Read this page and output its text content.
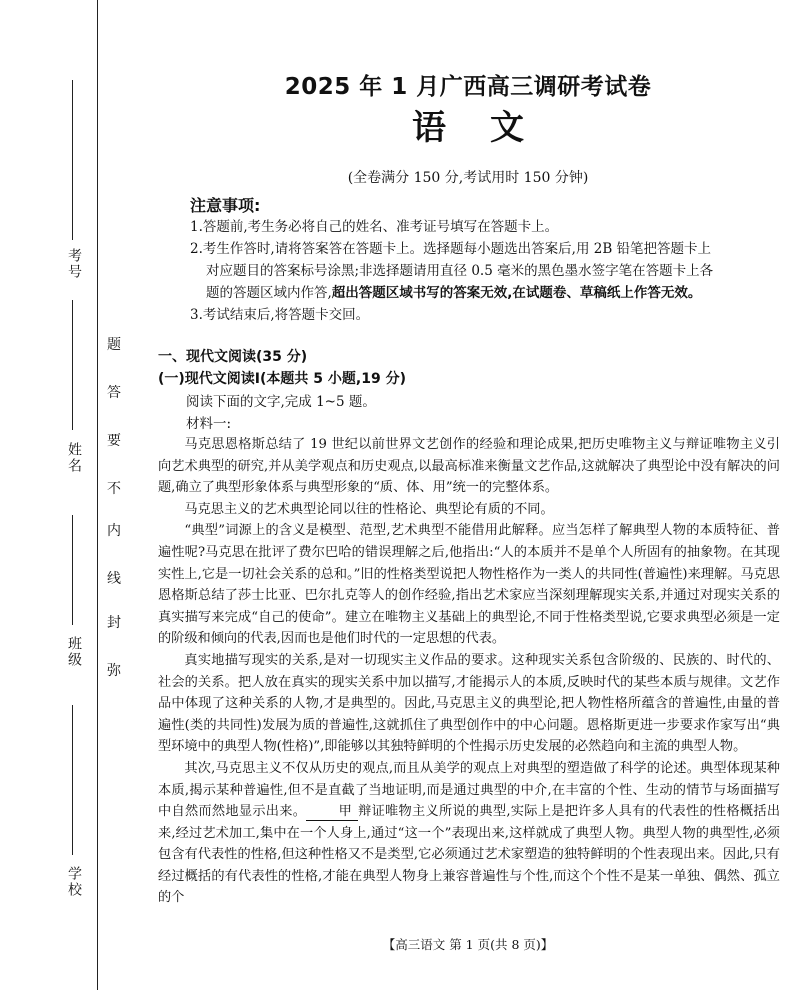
考号
姓名
班级
学校
题
答
要
不
内
线
封
弥
2025 年 1 月广西高三调研考试卷
语文
(全卷满分 150 分,考试用时 150 分钟)
注意事项:

1.答题前,考生务必将自己的姓名、准考证号填写在答题卡上。

2.考生作答时,请将答案答在答题卡上。选择题每小题选出答案后,用 2B 铅笔把答题卡上

对应题目的答案标号涂黑;非选择题请用直径 0.5 毫米的黑色墨水签字笔在答题卡上各

题的答题区域内作答,超出答题区域书写的答案无效,在试题卷、草稿纸上作答无效。

3.考试结束后,将答题卡交回。

一、现代文阅读(35 分)
(一)现代文阅读Ⅰ(本题共 5 小题,19 分)
阅读下面的文字,完成 1~5 题。
材料一:

马克思恩格斯总结了 19 世纪以前世界文艺创作的经验和理论成果,把历史唯物主义与辩证唯物主义引向艺术典型的研究,并从美学观点和历史观点,以最高标准来衡量文艺作品,这就解决了典型论中没有解决的问题,确立了典型形象体系与典型形象的“质、体、用”统一的完整体系。

马克思主义的艺术典型论同以往的性格论、典型论有质的不同。

“典型”词源上的含义是模型、范型,艺术典型不能借用此解释。应当怎样了解典型人物的本质特征、普遍性呢?马克思在批评了费尔巴哈的错误理解之后,他指出:“人的本质并不是单个人所固有的抽象物。在其现实性上,它是一切社会关系的总和。”旧的性格类型说把人物性格作为一类人的共同性(普遍性)来理解。马克思恩格斯总结了莎士比亚、巴尔扎克等人的创作经验,指出艺术家应当深刻理解现实关系,并通过对现实关系的真实描写来完成“自己的使命”。建立在唯物主义基础上的典型论,不同于性格类型说,它要求典型必须是一定的阶级和倾向的代表,因而也是他们时代的一定思想的代表。

真实地描写现实的关系,是对一切现实主义作品的要求。这种现实关系包含阶级的、民族的、时代的、社会的关系。把人放在真实的现实关系中加以描写,才能揭示人的本质,反映时代的某些本质与规律。文艺作品中体现了这种关系的人物,才是典型的。因此,马克思主义的典型论,把人物性格所蕴含的普遍性,由量的普遍性(类的共同性)发展为质的普遍性,这就抓住了典型创作中的中心问题。恩格斯更进一步要求作家写出“典型环境中的典型人物(性格)”,即能够以其独特鲜明的个性揭示历史发展的必然趋向和主流的典型人物。

其次,马克思主义不仅从历史的观点,而且从美学的观点上对典型的塑造做了科学的论述。典型体现某种本质,揭示某种普遍性,但不是直截了当地证明,而是通过典型的中介,在丰富的个性、生动的情节与场面描写中自然而然地显示出来。 甲 辩证唯物主义所说的典型,实际上是把许多人具有的代表性的性格概括出来,经过艺术加工,集中在一个人身上,通过“这一个”表现出来,这样就成了典型人物。典型人物的典型性,必须包含有代表性的性格,但这种性格又不是类型,它必须通过艺术家塑造的独特鲜明的个性表现出来。因此,只有经过概括的有代表性的性格,才能在典型人物身上兼容普遍性与个性,而这个个性不是某一单独、偶然、孤立的个

【高三语文 第 1 页(共 8 页)】
